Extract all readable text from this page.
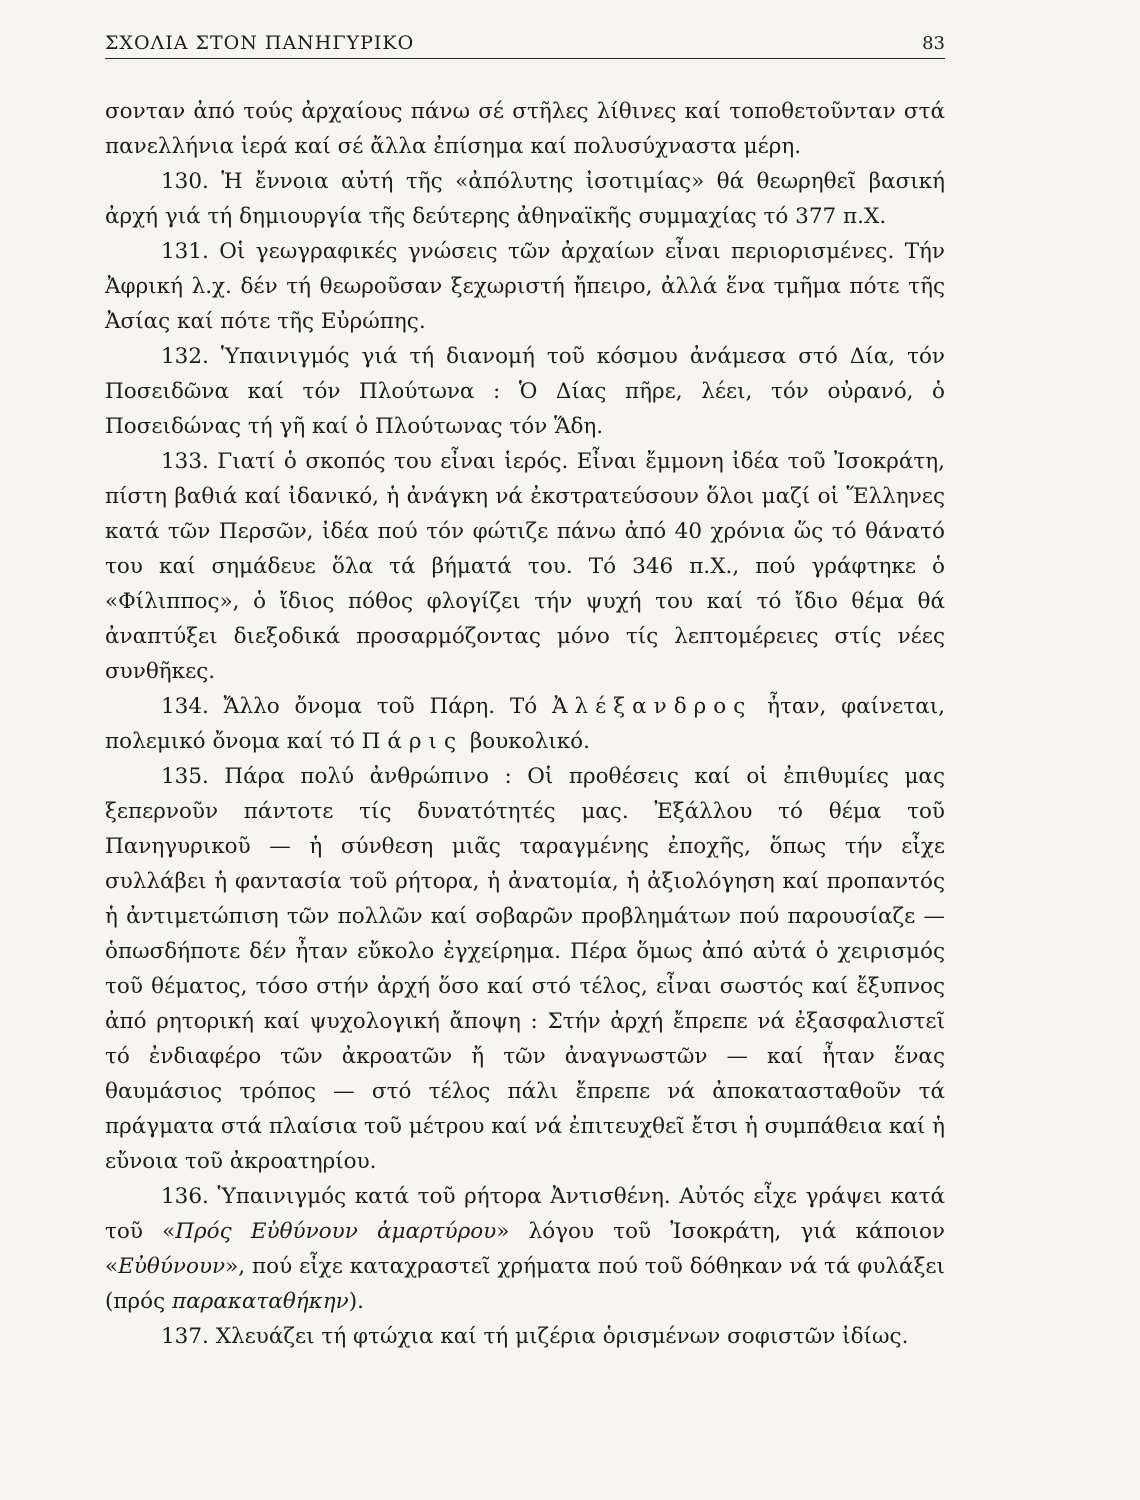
ΣΧΟΛΙΑ ΣΤΟΝ ΠΑΝΗΓΥΡΙΚΟ	83

σονταν ἀπό τούς ἀρχαίους πάνω σέ στῆλες λίθινες καί τοποθετοῦνταν στά πανελλήνια ἱερά καί σέ ἄλλα ἐπίσημα καί πολυσύχναστα μέρη.

130. Ἡ ἔννοια αὐτή τῆς «ἀπόλυτης ἰσοτιμίας» θά θεωρηθεῖ βασική ἀρχή γιά τή δημιουργία τῆς δεύτερης ἀθηναϊκῆς συμμαχίας τό 377 π.Χ.

131. Οἱ γεωγραφικές γνώσεις τῶν ἀρχαίων εἶναι περιορισμένες. Τήν Ἀφρική λ.χ. δέν τή θεωροῦσαν ξεχωριστή ἤπειρο, ἀλλά ἕνα τμῆμα πότε τῆς Ἀσίας καί πότε τῆς Εὐρώπης.

132. Ὑπαινιγμός γιά τή διανομή τοῦ κόσμου ἀνάμεσα στό Δία, τόν Ποσειδῶνα καί τόν Πλούτωνα : Ὁ Δίας πῆρε, λέει, τόν οὐρανό, ὁ Ποσειδώνας τή γῆ καί ὁ Πλούτωνας τόν Ἅδη.

133. Γιατί ὁ σκοπός του εἶναι ἱερός. Εἶναι ἔμμονη ἰδέα τοῦ Ἰσοκράτη, πίστη βαθιά καί ἰδανικό, ἡ ἀνάγκη νά ἐκστρατεύσουν ὅλοι μαζί οἱ Ἕλληνες κατά τῶν Περσῶν, ἰδέα πού τόν φώτιζε πάνω ἀπό 40 χρόνια ὥς τό θάνατό του καί σημάδευε ὅλα τά βήματά του. Τό 346 π.Χ., πού γράφτηκε ὁ «Φίλιππος», ὁ ἴδιος πόθος φλογίζει τήν ψυχή του καί τό ἴδιο θέμα θά ἀναπτύξει διεξοδικά προσαρμόζοντας μόνο τίς λεπτομέρειες στίς νέες συνθῆκες.

134. Ἄλλο ὄνομα τοῦ Πάρη. Τό Ἀλέξανδρος ἦταν, φαίνεται, πολεμικό ὄνομα καί τό Πάρις βουκολικό.

135. Πάρα πολύ ἀνθρώπινο : Οἱ προθέσεις καί οἱ ἐπιθυμίες μας ξεπερνοῦν πάντοτε τίς δυνατότητές μας. Ἐξάλλου τό θέμα τοῦ Πανηγυρικοῦ — ἡ σύνθεση μιᾶς ταραγμένης ἐποχῆς, ὅπως τήν εἶχε συλλάβει ἡ φαντασία τοῦ ρήτορα, ἡ ἀνατομία, ἡ ἀξιολόγηση καί προπαντός ἡ ἀντιμετώπιση τῶν πολλῶν καί σοβαρῶν προβλημάτων πού παρουσίαζε — ὁπωσδήποτε δέν ἦταν εὔκολο ἐγχείρημα. Πέρα ὅμως ἀπό αὐτά ὁ χειρισμός τοῦ θέματος, τόσο στήν ἀρχή ὅσο καί στό τέλος, εἶναι σωστός καί ἔξυπνος ἀπό ρητορική καί ψυχολογική ἄποψη : Στήν ἀρχή ἔπρεπε νά ἐξασφαλιστεῖ τό ἐνδιαφέρο τῶν ἀκροατῶν ἤ τῶν ἀναγνωστῶν — καί ἦταν ἕνας θαυμάσιος τρόπος — στό τέλος πάλι ἔπρεπε νά ἀποκατασταθοῦν τά πράγματα στά πλαίσια τοῦ μέτρου καί νά ἐπιτευχθεῖ ἔτσι ἡ συμπάθεια καί ἡ εὔνοια τοῦ ἀκροατηρίου.

136. Ὑπαινιγμός κατά τοῦ ρήτορα Ἀντισθένη. Αὐτός εἶχε γράψει κατά τοῦ «Πρός Εὐθύνουν ἀμαρτύρου» λόγου τοῦ Ἰσοκράτη, γιά κάποιον «Εὐθύνουν», πού εἶχε καταχραστεῖ χρήματα πού τοῦ δόθηκαν νά τά φυλάξει (πρός παρακαταθήκην).

137. Χλευάζει τή φτώχια καί τή μιζέρια ὁρισμένων σοφιστῶν ἰδίως.
